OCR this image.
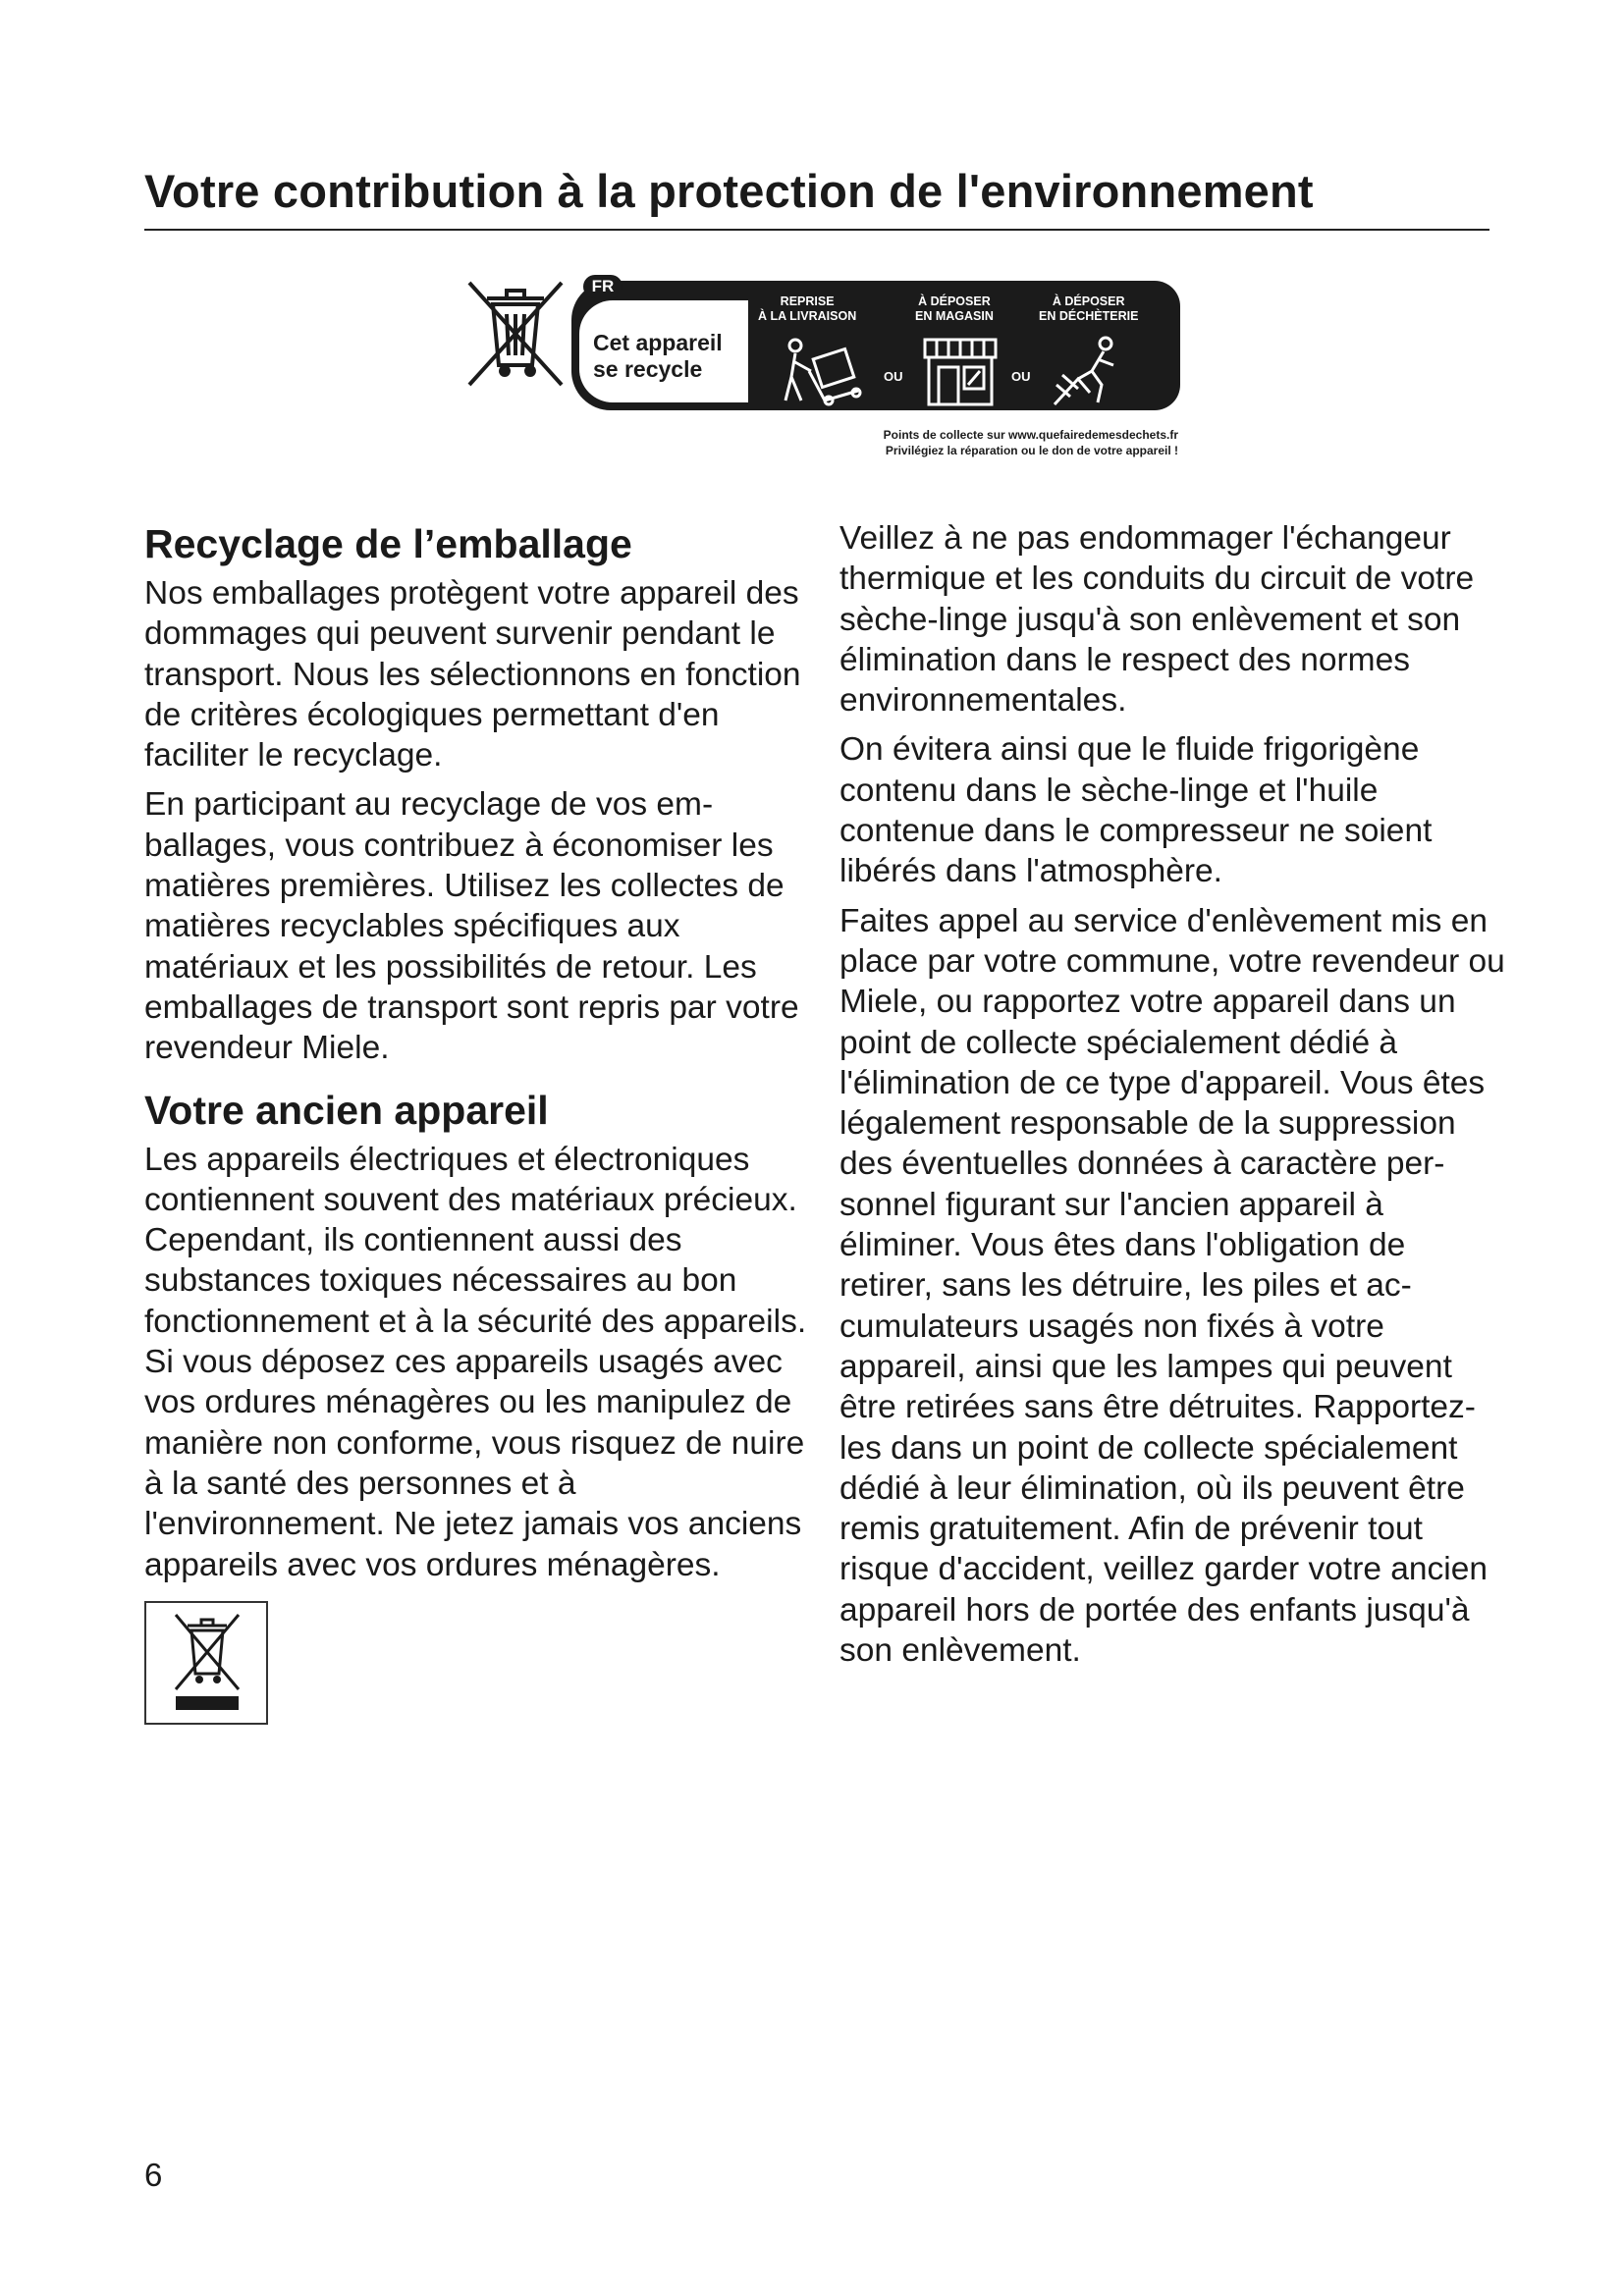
Votre contribution à la protection de l'environnement
FR
Cet appareil
se recycle
REPRISE
À LA LIVRAISON
À DÉPOSER
EN MAGASIN
À DÉPOSER
EN DÉCHÈTERIE
OU	OU
Points de collecte sur www.quefairedemesdechets.fr
Privilégiez la réparation ou le don de votre appareil !
Recyclage de l’emballage

Nos emballages protègent votre appareil des dommages qui peuvent survenir pendant le transport. Nous les sélectionnons en fonction de critères écologiques permettant d'en faciliter le recyclage.

En participant au recyclage de vos emballages, vous contribuez à économiser les matières premières. Utilisez les collectes de matières recyclables spécifiques aux matériaux et les possibilités de retour. Les emballages de transport sont repris par votre revendeur Miele.

Votre ancien appareil

Les appareils électriques et électroniques contiennent souvent des matériaux précieux. Cependant, ils contiennent aussi des substances toxiques nécessaires au bon fonctionnement et à la sécurité des appareils. Si vous déposez ces appareils usagés avec vos ordures ménagères ou les manipulez de manière non conforme, vous risquez de nuire à la santé des personnes et à l'environnement. Ne jetez jamais vos anciens appareils avec vos ordures ménagères.

Veillez à ne pas endommager l'échangeur thermique et les conduits du circuit de votre sèche-linge jusqu'à son enlèvement et son élimination dans le respect des normes environnementales.

On évitera ainsi que le fluide frigorigène contenu dans le sèche-linge et l'huile contenue dans le compresseur ne soient libérés dans l'atmosphère.

Faites appel au service d'enlèvement mis en place par votre commune, votre revendeur ou Miele, ou rapportez votre appareil dans un point de collecte spécialement dédié à l'élimination de ce type d'appareil. Vous êtes légalement responsable de la suppression des éventuelles données à caractère personnel figurant sur l'ancien appareil à éliminer. Vous êtes dans l'obligation de retirer, sans les détruire, les piles et accumulateurs usagés non fixés à votre appareil, ainsi que les lampes qui peuvent être retirées sans être détruites. Rapportez-les dans un point de collecte spécialement dédié à leur élimination, où ils peuvent être remis gratuitement. Afin de prévenir tout risque d'accident, veillez garder votre ancien appareil hors de portée des enfants jusqu'à son enlèvement.

6
